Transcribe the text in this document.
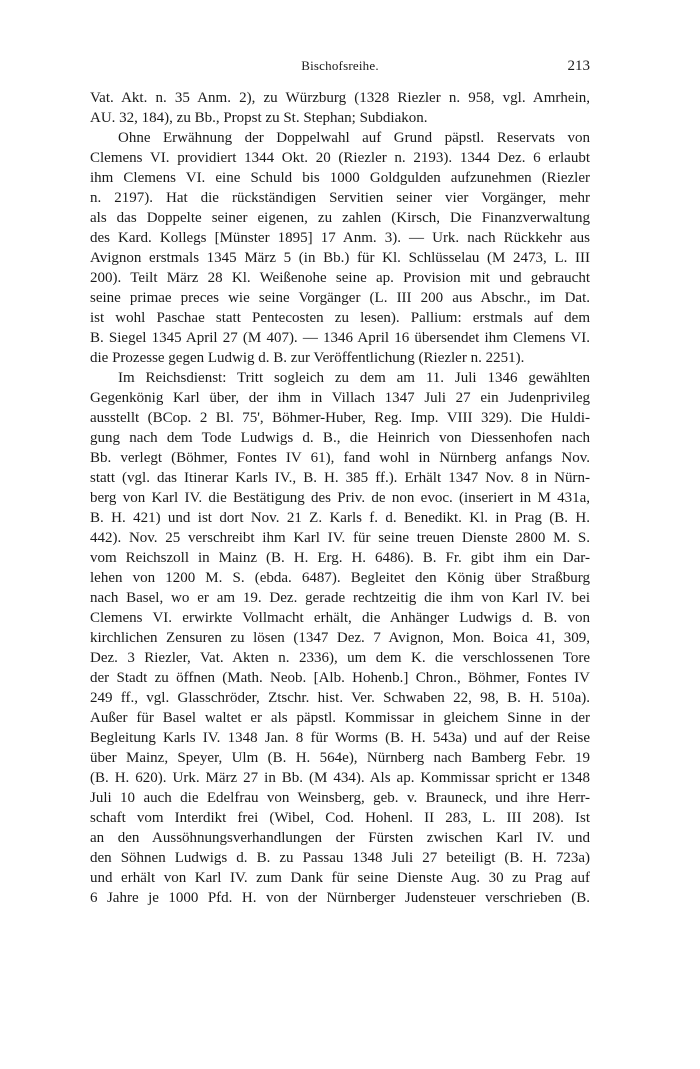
Bischofsreihe.	213
Vat. Akt. n. 35 Anm. 2), zu Würzburg (1328 Riezler n. 958, vgl. Amrhein,
AU. 32, 184), zu Bb., Propst zu St. Stephan; Subdiakon.
Ohne Erwähnung der Doppelwahl auf Grund päpstl. Reservats von
Clemens VI. providiert 1344 Okt. 20 (Riezler n. 2193). 1344 Dez. 6 erlaubt
ihm Clemens VI. eine Schuld bis 1000 Goldgulden aufzunehmen (Riezler
n. 2197). Hat die rückständigen Servitien seiner vier Vorgänger, mehr
als das Doppelte seiner eigenen, zu zahlen (Kirsch, Die Finanzverwaltung
des Kard. Kollegs [Münster 1895] 17 Anm. 3). — Urk. nach Rückkehr aus
Avignon erstmals 1345 März 5 (in Bb.) für Kl. Schlüsselau (M 2473, L. III
200). Teilt März 28 Kl. Weißenohe seine ap. Provision mit und gebraucht
seine primae preces wie seine Vorgänger (L. III 200 aus Abschr., im Dat.
ist wohl Paschae statt Pentecosten zu lesen). Pallium: erstmals auf dem
B. Siegel 1345 April 27 (M 407). — 1346 April 16 übersendet ihm Clemens VI.
die Prozesse gegen Ludwig d. B. zur Veröffentlichung (Riezler n. 2251).
Im Reichsdienst: Tritt sogleich zu dem am 11. Juli 1346 gewählten
Gegenkönig Karl über, der ihm in Villach 1347 Juli 27 ein Judenprivileg
ausstellt (BCop. 2 Bl. 75', Böhmer-Huber, Reg. Imp. VIII 329). Die Huldi-
gung nach dem Tode Ludwigs d. B., die Heinrich von Diessenhofen nach
Bb. verlegt (Böhmer, Fontes IV 61), fand wohl in Nürnberg anfangs Nov.
statt (vgl. das Itinerar Karls IV., B. H. 385 ff.). Erhält 1347 Nov. 8 in Nürn-
berg von Karl IV. die Bestätigung des Priv. de non evoc. (inseriert in M 431a,
B. H. 421) und ist dort Nov. 21 Z. Karls f. d. Benedikt. Kl. in Prag (B. H.
442). Nov. 25 verschreibt ihm Karl IV. für seine treuen Dienste 2800 M. S.
vom Reichszoll in Mainz (B. H. Erg. H. 6486). B. Fr. gibt ihm ein Dar-
lehen von 1200 M. S. (ebda. 6487). Begleitet den König über Straßburg
nach Basel, wo er am 19. Dez. gerade rechtzeitig die ihm von Karl IV. bei
Clemens VI. erwirkte Vollmacht erhält, die Anhänger Ludwigs d. B. von
kirchlichen Zensuren zu lösen (1347 Dez. 7 Avignon, Mon. Boica 41, 309,
Dez. 3 Riezler, Vat. Akten n. 2336), um dem K. die verschlossenen Tore
der Stadt zu öffnen (Math. Neob. [Alb. Hohenb.] Chron., Böhmer, Fontes IV
249 ff., vgl. Glasschröder, Ztschr. hist. Ver. Schwaben 22, 98, B. H. 510a).
Außer für Basel waltet er als päpstl. Kommissar in gleichem Sinne in der
Begleitung Karls IV. 1348 Jan. 8 für Worms (B. H. 543a) und auf der Reise
über Mainz, Speyer, Ulm (B. H. 564e), Nürnberg nach Bamberg Febr. 19
(B. H. 620). Urk. März 27 in Bb. (M 434). Als ap. Kommissar spricht er 1348
Juli 10 auch die Edelfrau von Weinsberg, geb. v. Brauneck, und ihre Herr-
schaft vom Interdikt frei (Wibel, Cod. Hohenl. II 283, L. III 208). Ist
an den Aussöhnungsverhandlungen der Fürsten zwischen Karl IV. und
den Söhnen Ludwigs d. B. zu Passau 1348 Juli 27 beteiligt (B. H. 723a)
und erhält von Karl IV. zum Dank für seine Dienste Aug. 30 zu Prag auf
6 Jahre je 1000 Pfd. H. von der Nürnberger Judensteuer verschrieben (B.
